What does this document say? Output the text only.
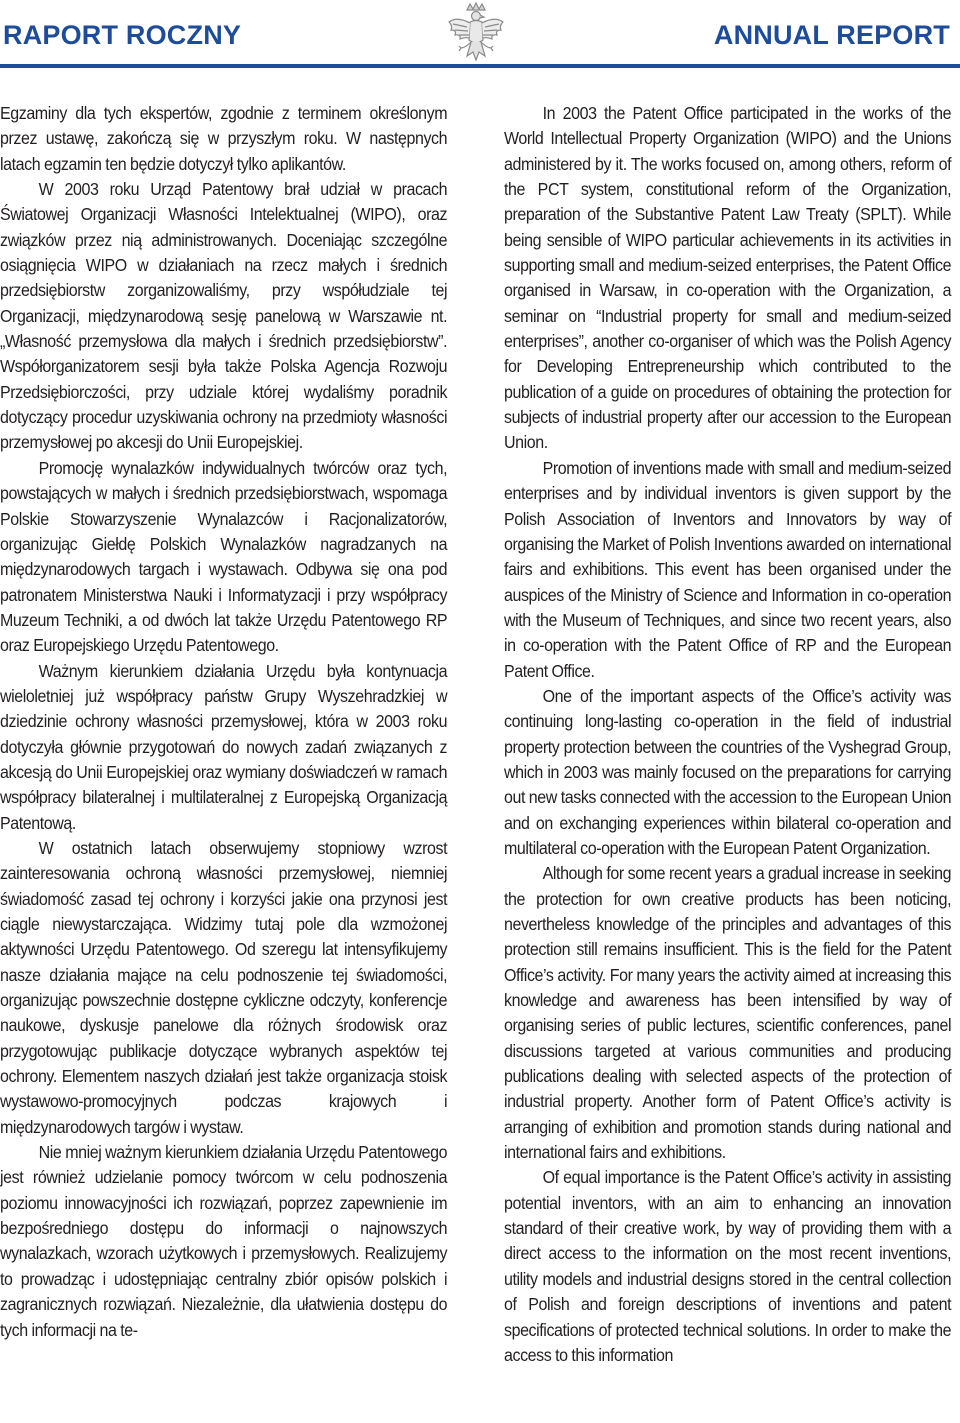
RAPORT ROCZNY	ANNUAL REPORT

Egzaminy dla tych ekspertów, zgodnie z terminem określonym przez ustawę, zakończą się w przyszłym roku. W następnych latach egzamin ten będzie dotyczył tylko aplikantów.

W 2003 roku Urząd Patentowy brał udział w pracach Światowej Organizacji Własności Intelektualnej (WIPO), oraz związków przez nią administrowanych. Doceniając szczególne osiągnięcia WIPO w działaniach na rzecz małych i średnich przedsiębiorstw zorganizowaliśmy, przy współudziale tej Organizacji, międzynarodową sesję panelową w Warszawie nt. „Własność przemysłowa dla małych i średnich przedsiębiorstw”. Współorganizatorem sesji była także Polska Agencja Rozwoju Przedsiębiorczości, przy udziale której wydaliśmy poradnik dotyczący procedur uzyskiwania ochrony na przedmioty własności przemysłowej po akcesji do Unii Europejskiej.

Promocję wynalazków indywidualnych twórców oraz tych, powstających w małych i średnich przedsiębiorstwach, wspomaga Polskie Stowarzyszenie Wynalazców i Racjonalizatorów, organizując Giełdę Polskich Wynalazków nagradzanych na międzynarodowych targach i wystawach. Odbywa się ona pod patronatem Ministerstwa Nauki i Informatyzacji i przy współpracy Muzeum Techniki, a od dwóch lat także Urzędu Patentowego RP oraz Europejskiego Urzędu Patentowego.

Ważnym kierunkiem działania Urzędu była kontynuacja wieloletniej już współpracy państw Grupy Wyszehradzkiej w dziedzinie ochrony własności przemysłowej, która w 2003 roku dotyczyła głównie przygotowań do nowych zadań związanych z akcesją do Unii Europejskiej oraz wymiany doświadczeń w ramach współpracy bilateralnej i multilateralnej z Europejską Organizacją Patentową.

W ostatnich latach obserwujemy stopniowy wzrost zainteresowania ochroną własności przemysłowej, niemniej świadomość zasad tej ochrony i korzyści jakie ona przynosi jest ciągle niewystarczająca. Widzimy tutaj pole dla wzmożonej aktywności Urzędu Patentowego. Od szeregu lat intensyfikujemy nasze działania mające na celu podnoszenie tej świadomości, organizując powszechnie dostępne cykliczne odczyty, konferencje naukowe, dyskusje panelowe dla różnych środowisk oraz przygotowując publikacje dotyczące wybranych aspektów tej ochrony. Elementem naszych działań jest także organizacja stoisk wystawowo-promocyjnych podczas krajowych i międzynarodowych targów i wystaw.

Nie mniej ważnym kierunkiem działania Urzędu Patentowego jest również udzielanie pomocy twórcom w celu podnoszenia poziomu innowacyjności ich rozwiązań, poprzez zapewnienie im bezpośredniego dostępu do informacji o najnowszych wynalazkach, wzorach użytkowych i przemysłowych. Realizujemy to prowadząc i udostępniając centralny zbiór opisów polskich i zagranicznych rozwiązań. Niezależnie, dla ułatwienia dostępu do tych informacji na te-

In 2003 the Patent Office participated in the works of the World Intellectual Property Organization (WIPO) and the Unions administered by it. The works focused on, among others, reform of the PCT system, constitutional reform of the Organization, preparation of the Substantive Patent Law Treaty (SPLT). While being sensible of WIPO particular achievements in its activities in supporting small and medium-seized enterprises, the Patent Office organised in Warsaw, in co-operation with the Organization, a seminar on “Industrial property for small and medium-seized enterprises”, another co-organiser of which was the Polish Agency for Developing Entrepreneurship which contributed to the publication of a guide on procedures of obtaining the protection for subjects of industrial property after our accession to the European Union.

Promotion of inventions made with small and medium-seized enterprises and by individual inventors is given support by the Polish Association of Inventors and Innovators by way of organising the Market of Polish Inventions awarded on international fairs and exhibitions. This event has been organised under the auspices of the Ministry of Science and Information in co-operation with the Museum of Techniques, and since two recent years, also in co-operation with the Patent Office of RP and the European Patent Office.

One of the important aspects of the Office’s activity was continuing long-lasting co-operation in the field of industrial property protection between the countries of the Vyshegrad Group, which in 2003 was mainly focused on the preparations for carrying out new tasks connected with the accession to the European Union and on exchanging experiences within bilateral co-operation and multilateral co-operation with the European Patent Organization.

Although for some recent years a gradual increase in seeking the protection for own creative products has been noticing, nevertheless knowledge of the principles and advantages of this protection still remains insufficient. This is the field for the Patent Office’s activity. For many years the activity aimed at increasing this knowledge and awareness has been intensified by way of organising series of public lectures, scientific conferences, panel discussions targeted at various communities and producing publications dealing with selected aspects of the protection of industrial property. Another form of Patent Office’s activity is arranging of exhibition and promotion stands during national and international fairs and exhibitions.

Of equal importance is the Patent Office’s activity in assisting potential inventors, with an aim to enhancing an innovation standard of their creative work, by way of providing them with a direct access to the information on the most recent inventions, utility models and industrial designs stored in the central collection of Polish and foreign descriptions of inventions and patent specifications of protected technical solutions. In order to make the access to this information
